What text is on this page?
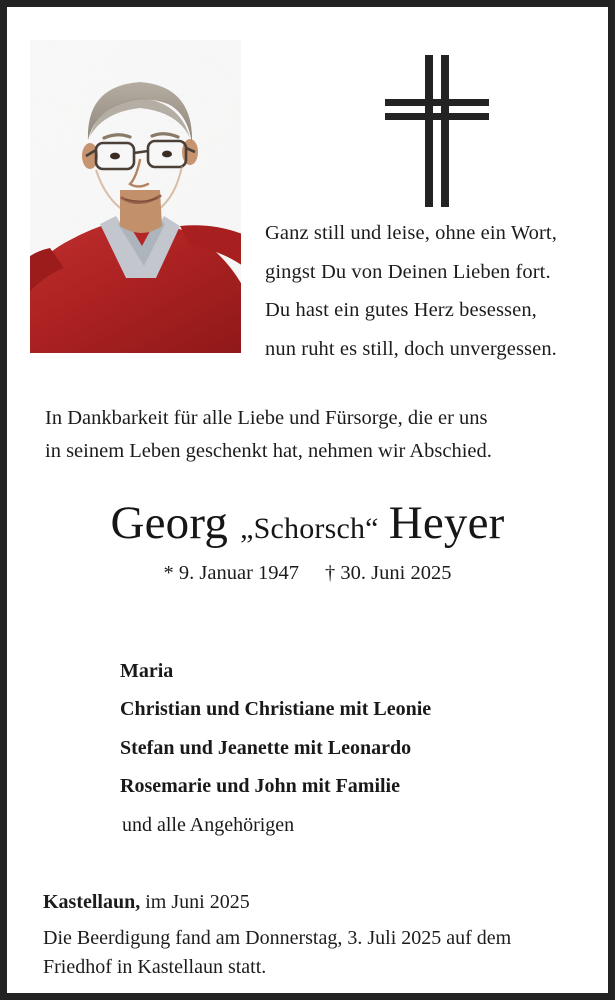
Ganz still und leise, ohne ein Wort,
gingst Du von Deinen Lieben fort.
Du hast ein gutes Herz besessen,
nun ruht es still, doch unvergessen.
In Dankbarkeit für alle Liebe und Fürsorge, die er uns
in seinem Leben geschenkt hat, nehmen wir Abschied.
Georg „Schorsch“ Heyer
* 9. Januar 1947 † 30. Juni 2025
Maria
Christian und Christiane mit Leonie
Stefan und Jeanette mit Leonardo
Rosemarie und John mit Familie
und alle Angehörigen
Kastellaun, im Juni 2025
Die Beerdigung fand am Donnerstag, 3. Juli 2025 auf dem
Friedhof in Kastellaun statt.
